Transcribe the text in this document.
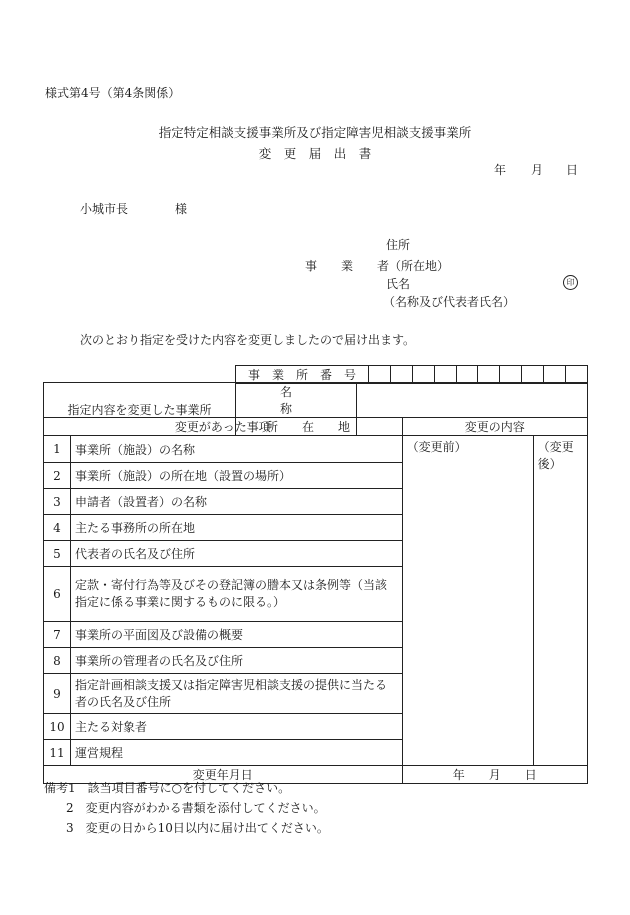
様式第4号（第4条関係）
指定特定相談支援事業所及び指定障害児相談支援事業所
変　更　届　出　書
年 月 日
小城市長	様
住所
事　　業　　者（所在地）
氏名	印
（名称及び代表者氏名）
次のとおり指定を受けた内容を変更しましたので届け出ます。
事　業　所　番　号										
指定内容を変更した事業所	名　　　　　称	
	所　　在　　地	
変更があった事項		変更の内容	
1	事業所（施設）の名称	（変更前）	（変更後）
2	事業所（施設）の所在地（設置の場所）		
3	申請者（設置者）の名称		
4	主たる事務所の所在地		
5	代表者の氏名及び住所		
6	定款・寄付行為等及びその登記簿の謄本又は条例等（当該指定に係る事業に関するものに限る。）		
7	事業所の平面図及び設備の概要		
8	事業所の管理者の氏名及び住所		
9	指定計画相談支援又は指定障害児相談支援の提供に当たる者の氏名及び住所		
10	主たる対象者		
11	運営規程		
変更年月日		年　　月　　日	
備考1　該当項目番号に○を付してください。
2　変更内容がわかる書類を添付してください。
3　変更の日から10日以内に届け出てください。
